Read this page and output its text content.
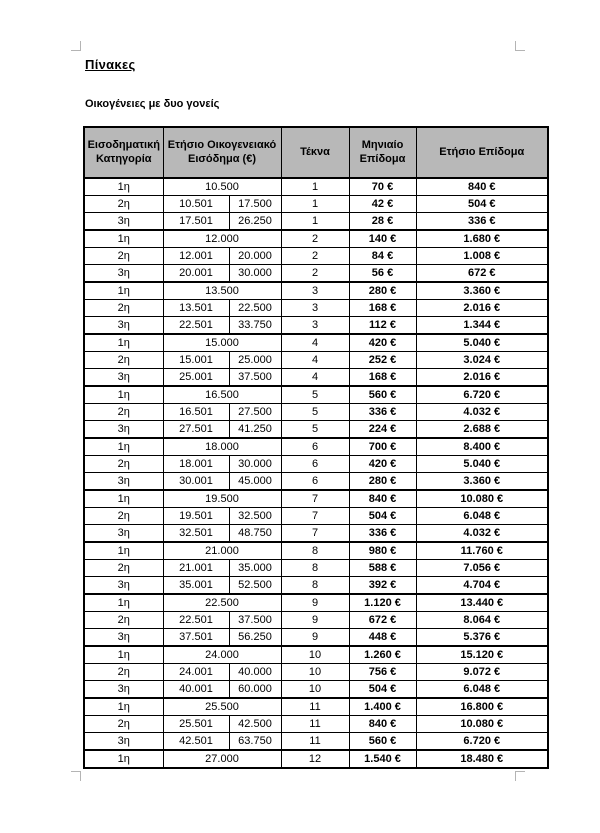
Πίνακες
Οικογένειες με δυο γονείς
Εισοδηματική Κατηγορία	Ετήσιο Οικογενειακό Εισόδημα (€)		Τέκνα	Μηνιαίο Επίδομα	Ετήσιο Επίδομα
1η	10.500		1	70 €	840 €
2η	10.501	17.500	1	42 €	504 €
3η	17.501	26.250	1	28 €	336 €
1η	12.000		2	140 €	1.680 €
2η	12.001	20.000	2	84 €	1.008 €
3η	20.001	30.000	2	56 €	672 €
1η	13.500		3	280 €	3.360 €
2η	13.501	22.500	3	168 €	2.016 €
3η	22.501	33.750	3	112 €	1.344 €
1η	15.000		4	420 €	5.040 €
2η	15.001	25.000	4	252 €	3.024 €
3η	25.001	37.500	4	168 €	2.016 €
1η	16.500		5	560 €	6.720 €
2η	16.501	27.500	5	336 €	4.032 €
3η	27.501	41.250	5	224 €	2.688 €
1η	18.000		6	700 €	8.400 €
2η	18.001	30.000	6	420 €	5.040 €
3η	30.001	45.000	6	280 €	3.360 €
1η	19.500		7	840 €	10.080 €
2η	19.501	32.500	7	504 €	6.048 €
3η	32.501	48.750	7	336 €	4.032 €
1η	21.000		8	980 €	11.760 €
2η	21.001	35.000	8	588 €	7.056 €
3η	35.001	52.500	8	392 €	4.704 €
1η	22.500		9	1.120 €	13.440 €
2η	22.501	37.500	9	672 €	8.064 €
3η	37.501	56.250	9	448 €	5.376 €
1η	24.000		10	1.260 €	15.120 €
2η	24.001	40.000	10	756 €	9.072 €
3η	40.001	60.000	10	504 €	6.048 €
1η	25.500		11	1.400 €	16.800 €
2η	25.501	42.500	11	840 €	10.080 €
3η	42.501	63.750	11	560 €	6.720 €
1η	27.000		12	1.540 €	18.480 €
